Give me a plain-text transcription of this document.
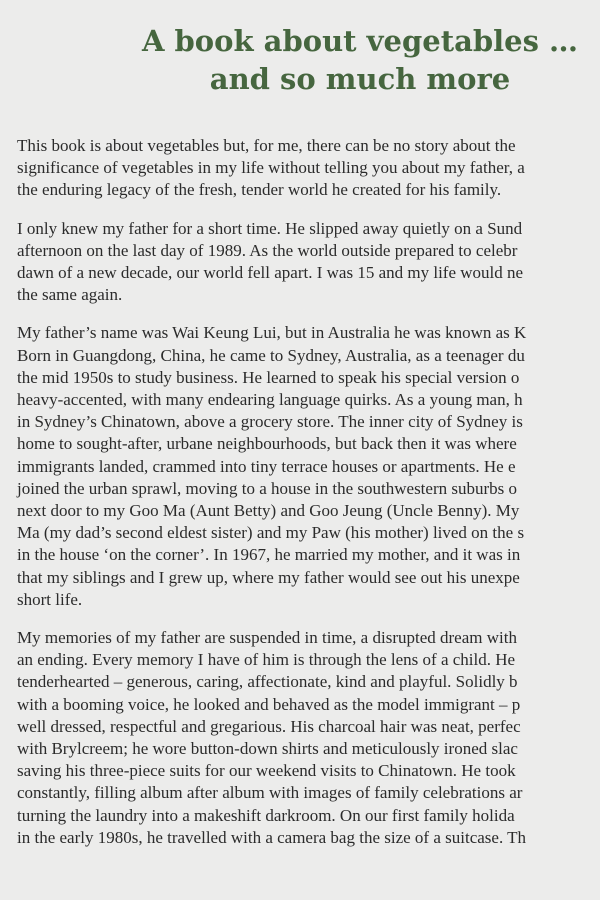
A book about vegetables …
and so much more

This book is about vegetables but, for me, there can be no story about the
significance of vegetables in my life without telling you about my father, a
the enduring legacy of the fresh, tender world he created for his family.

I only knew my father for a short time. He slipped away quietly on a Sund
afternoon on the last day of 1989. As the world outside prepared to celebr
dawn of a new decade, our world fell apart. I was 15 and my life would ne
the same again.

My father’s name was Wai Keung Lui, but in Australia he was known as K
Born in Guangdong, China, he came to Sydney, Australia, as a teenager du
the mid 1950s to study business. He learned to speak his special version o
heavy-accented, with many endearing language quirks. As a young man, h
in Sydney’s Chinatown, above a grocery store. The inner city of Sydney is
home to sought-after, urbane neighbourhoods, but back then it was where
immigrants landed, crammed into tiny terrace houses or apartments. He e
joined the urban sprawl, moving to a house in the southwestern suburbs o
next door to my Goo Ma (Aunt Betty) and Goo Jeung (Uncle Benny). My
Ma (my dad’s second eldest sister) and my Paw (his mother) lived on the s
in the house ‘on the corner’. In 1967, he married my mother, and it was in
that my siblings and I grew up, where my father would see out his unexpe
short life.

My memories of my father are suspended in time, a disrupted dream with
an ending. Every memory I have of him is through the lens of a child. He
tenderhearted – generous, caring, affectionate, kind and playful. Solidly b
with a booming voice, he looked and behaved as the model immigrant – p
well dressed, respectful and gregarious. His charcoal hair was neat, perfec
with Brylcreem; he wore button-down shirts and meticulously ironed slac
saving his three-piece suits for our weekend visits to Chinatown. He took
constantly, filling album after album with images of family celebrations ar
turning the laundry into a makeshift darkroom. On our first family holida
in the early 1980s, he travelled with a camera bag the size of a suitcase. Th
